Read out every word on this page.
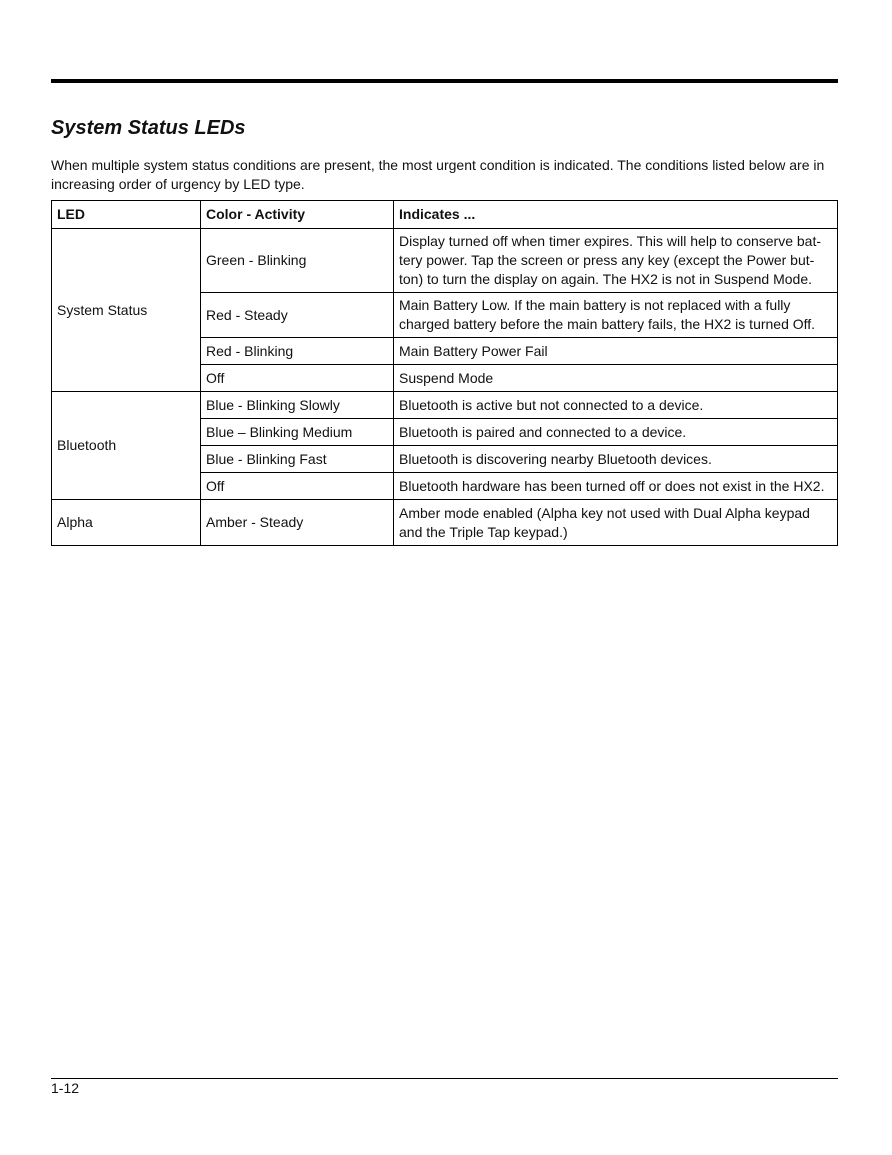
System Status LEDs

When multiple system status conditions are present, the most urgent condition is indicated. The conditions listed below are in increasing order of urgency by LED type.

LED	Color - Activity	Indicates ...
System Status	Green - Blinking	Display turned off when timer expires. This will help to conserve battery power. Tap the screen or press any key (except the Power button) to turn the display on again. The HX2 is not in Suspend Mode.
	Red - Steady	Main Battery Low. If the main battery is not replaced with a fully charged battery before the main battery fails, the HX2 is turned Off.
	Red - Blinking	Main Battery Power Fail
	Off	Suspend Mode
Bluetooth	Blue - Blinking Slowly	Bluetooth is active but not connected to a device.
	Blue – Blinking Medium	Bluetooth is paired and connected to a device.
	Blue - Blinking Fast	Bluetooth is discovering nearby Bluetooth devices.
	Off	Bluetooth hardware has been turned off or does not exist in the HX2.
Alpha	Amber - Steady	Amber mode enabled (Alpha key not used with Dual Alpha keypad and the Triple Tap keypad.)
1-12
